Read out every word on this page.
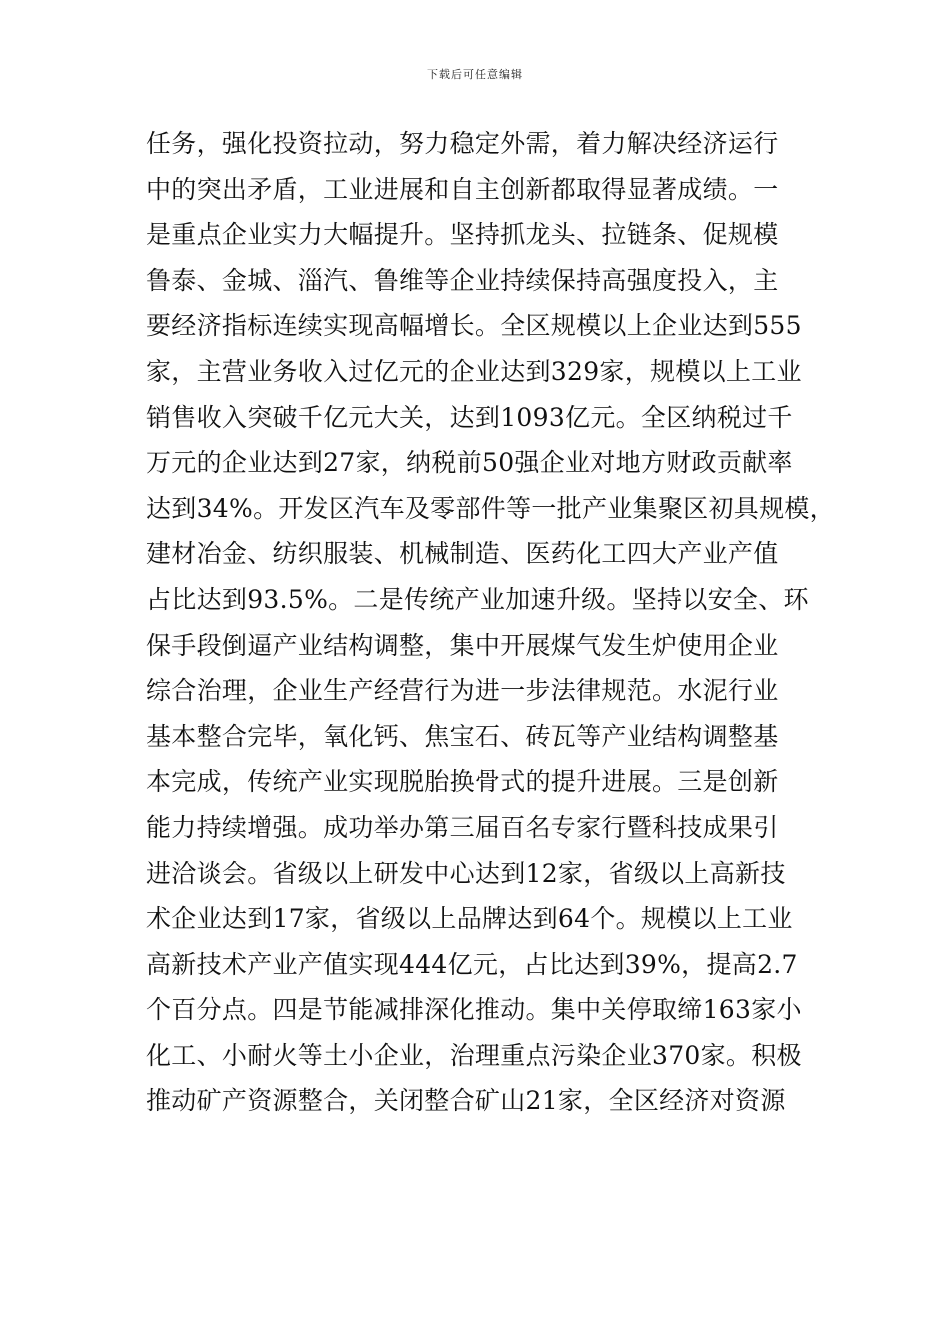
下载后可任意编辑
任务，强化投资拉动，努力稳定外需，着力解决经济运行
中的突出矛盾，工业进展和自主创新都取得显著成绩。一
是重点企业实力大幅提升。坚持抓龙头、拉链条、促规模
鲁泰、金城、淄汽、鲁维等企业持续保持高强度投入，主
要经济指标连续实现高幅增长。全区规模以上企业达到555
家，主营业务收入过亿元的企业达到329家，规模以上工业
销售收入突破千亿元大关，达到1093亿元。全区纳税过千
万元的企业达到27家，纳税前50强企业对地方财政贡献率
达到34%。开发区汽车及零部件等一批产业集聚区初具规模，
建材冶金、纺织服装、机械制造、医药化工四大产业产值
占比达到93.5%。二是传统产业加速升级。坚持以安全、环
保手段倒逼产业结构调整，集中开展煤气发生炉使用企业
综合治理，企业生产经营行为进一步法律规范。水泥行业
基本整合完毕，氧化钙、焦宝石、砖瓦等产业结构调整基
本完成，传统产业实现脱胎换骨式的提升进展。三是创新
能力持续增强。成功举办第三届百名专家行暨科技成果引
进洽谈会。省级以上研发中心达到12家，省级以上高新技
术企业达到17家，省级以上品牌达到64个。规模以上工业
高新技术产业产值实现444亿元，占比达到39%，提高2.7
个百分点。四是节能减排深化推动。集中关停取缔163家小
化工、小耐火等土小企业，治理重点污染企业370家。积极
推动矿产资源整合，关闭整合矿山21家，全区经济对资源
